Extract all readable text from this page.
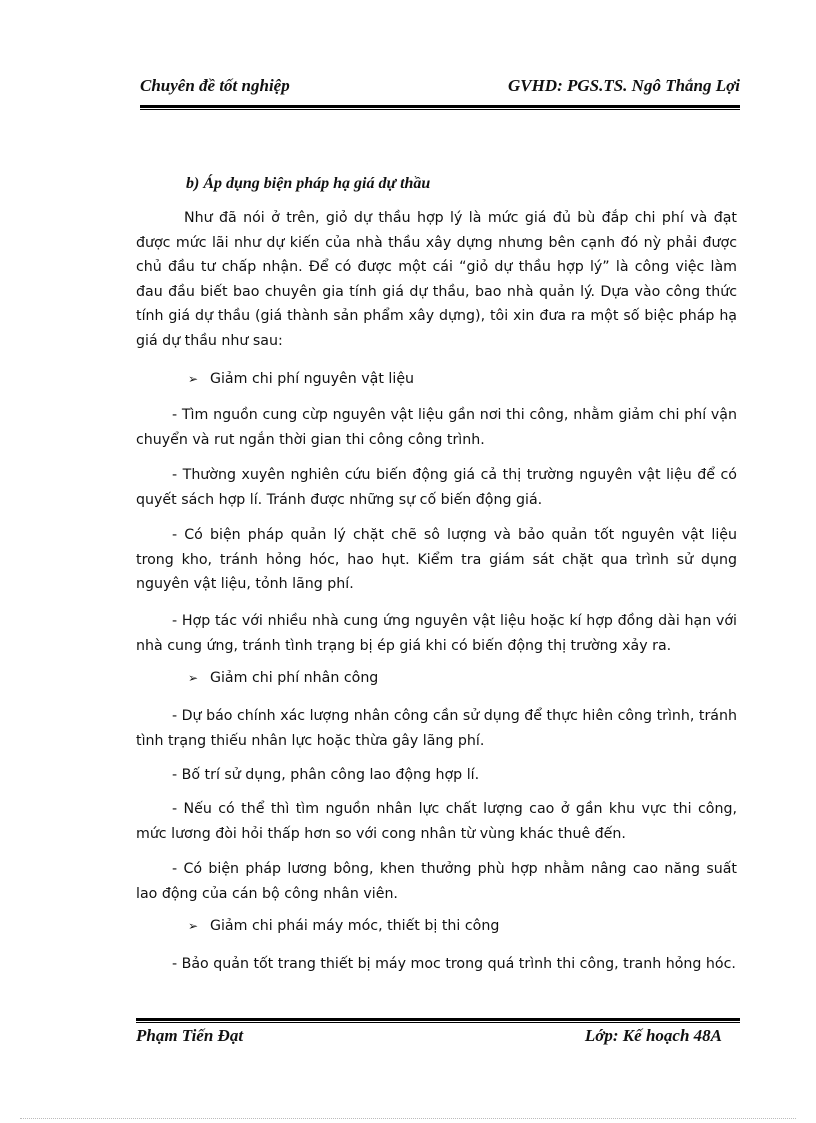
Chuyên đề tốt nghiệp	GVHD: PGS.TS. Ngô Thắng Lợi
b) Áp dụng biện pháp hạ giá dự thầu
Như đã nói ở trên, giỏ dự thầu hợp lý là mức giá đủ bù đắp chi phí và đạt được mức lãi như dự kiến của nhà thầu xây dựng nhưng bên cạnh đó nỳ phải được chủ đầu tư chấp nhận. Để có được một cái “giỏ dự thầu hợp lý” là công việc làm đau đầu biết bao chuyên gia tính giá dự thầu, bao nhà quản lý. Dựa vào công thức tính giá dự thầu (giá thành sản phẩm xây dựng), tôi xin đưa ra một số biệc pháp hạ giá dự thầu như sau:
➢ Giảm chi phí nguyên vật liệu
- Tìm nguồn cung cừp nguyên vật liệu gần nơi thi công, nhằm giảm chi phí vận chuyển và rut ngắn thời gian thi công công trình.
- Thường xuyên nghiên cứu biến động giá cả thị trường nguyên vật liệu để có quyết sách hợp lí. Tránh được những sự cố biến động giá.
- Có biện pháp quản lý chặt chẽ sô lượng và bảo quản tốt nguyên vật liệu trong kho, tránh hỏng hóc, hao hụt. Kiểm tra giám sát chặt qua trình sử dụng nguyên vật liệu, tỏnh lãng phí.
- Hợp tác với nhiều nhà cung ứng nguyên vật liệu hoặc kí hợp đồng dài hạn với nhà cung ứng, tránh tình trạng bị ép giá khi có biến động thị trường xảy ra.
➢ Giảm chi phí nhân công
- Dự báo chính xác lượng nhân công cần sử dụng để thực hiên công trình, tránh tình trạng thiếu nhân lực hoặc thừa gây lãng phí.
- Bố trí sử dụng, phân công lao động hợp lí.
- Nếu có thể thì tìm nguồn nhân lực chất lượng cao ở gần khu vực thi công, mức lương đòi hỏi thấp hơn so với cong nhân từ vùng khác thuê đến.
- Có biện pháp lương bông, khen thưởng phù hợp nhằm nâng cao năng suất lao động của cán bộ công nhân viên.
➢ Giảm chi phái máy móc, thiết bị thi công
- Bảo quản tốt trang thiết bị máy moc trong quá trình thi công, tranh hỏng hóc.
Phạm Tiến Đạt	Lớp: Kế hoạch 48A
